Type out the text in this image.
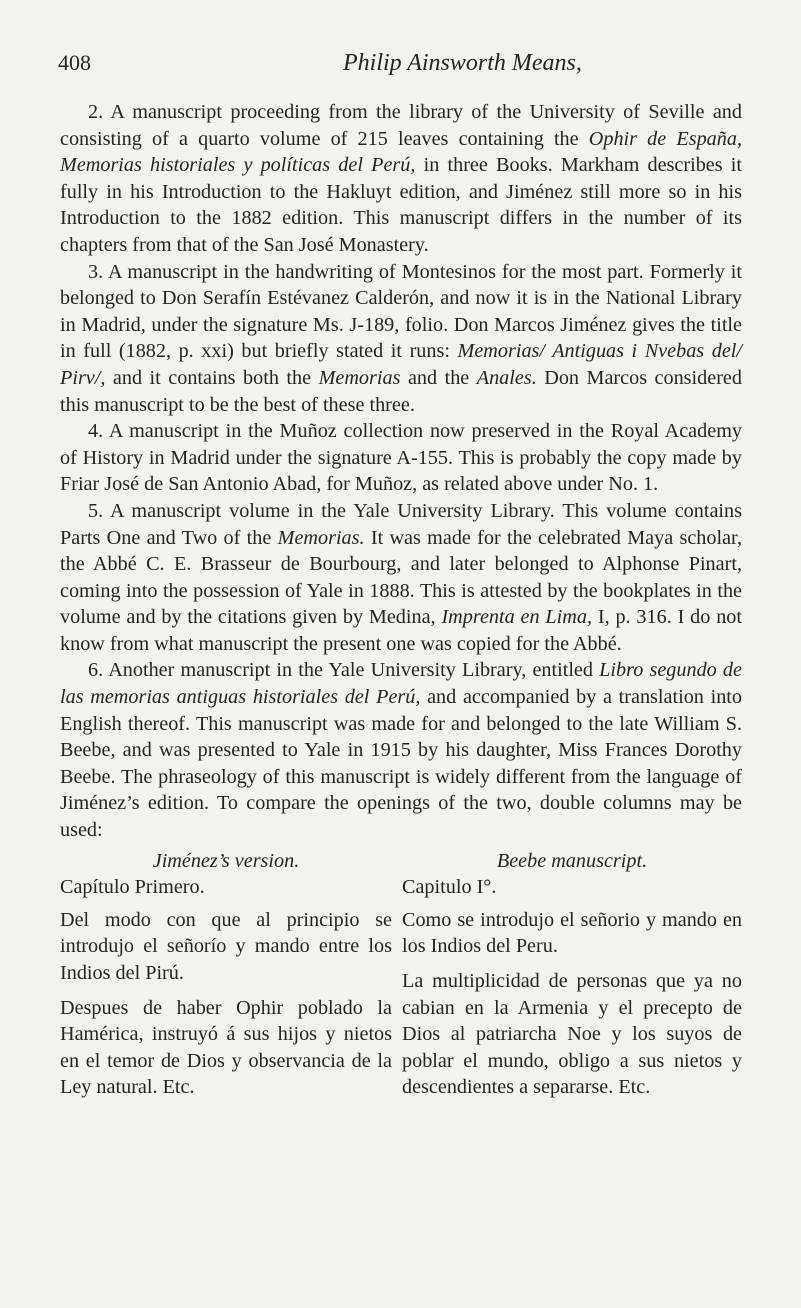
408	Philip Ainsworth Means,

2. A manuscript proceeding from the library of the University of Seville and consisting of a quarto volume of 215 leaves containing the Ophir de España, Memorias historiales y políticas del Perú, in three Books. Markham describes it fully in his Introduction to the Hakluyt edition, and Jiménez still more so in his Introduction to the 1882 edition. This manuscript differs in the number of its chapters from that of the San José Monastery.

3. A manuscript in the handwriting of Montesinos for the most part. Formerly it belonged to Don Serafín Estévanez Calderón, and now it is in the National Library in Madrid, under the signature Ms. J-189, folio. Don Marcos Jiménez gives the title in full (1882, p. xxi) but briefly stated it runs: Memorias/ Antiguas i Nvebas del/ Pirv/, and it contains both the Memorias and the Anales. Don Marcos considered this manuscript to be the best of these three.

4. A manuscript in the Muñoz collection now preserved in the Royal Academy of History in Madrid under the signature A-155. This is probably the copy made by Friar José de San Antonio Abad, for Muñoz, as related above under No. 1.

5. A manuscript volume in the Yale University Library. This volume contains Parts One and Two of the Memorias. It was made for the celebrated Maya scholar, the Abbé C. E. Brasseur de Bourbourg, and later belonged to Alphonse Pinart, coming into the possession of Yale in 1888. This is attested by the bookplates in the volume and by the citations given by Medina, Imprenta en Lima, I, p. 316. I do not know from what manuscript the present one was copied for the Abbé.

6. Another manuscript in the Yale University Library, entitled Libro segundo de las memorias antiguas historiales del Perú, and accompanied by a translation into English thereof. This manuscript was made for and belonged to the late William S. Beebe, and was presented to Yale in 1915 by his daughter, Miss Frances Dorothy Beebe. The phraseology of this manuscript is widely different from the language of Jiménez’s edition. To compare the openings of the two, double columns may be used:

Jiménez’s version.

Capítulo Primero.

Del modo con que al principio se introdujo el señorío y mando entre los Indios del Pirú.

Despues de haber Ophir poblado la Hamérica, instruyó á sus hijos y nietos en el temor de Dios y observancia de la Ley natural. Etc.

Beebe manuscript.

Capitulo I°.

Como se introdujo el señorio y mando en los Indios del Peru.

La multiplicidad de personas que ya no cabian en la Armenia y el precepto de Dios al patriarcha Noe y los suyos de poblar el mundo, obligo a sus nietos y descendientes a separarse. Etc.
